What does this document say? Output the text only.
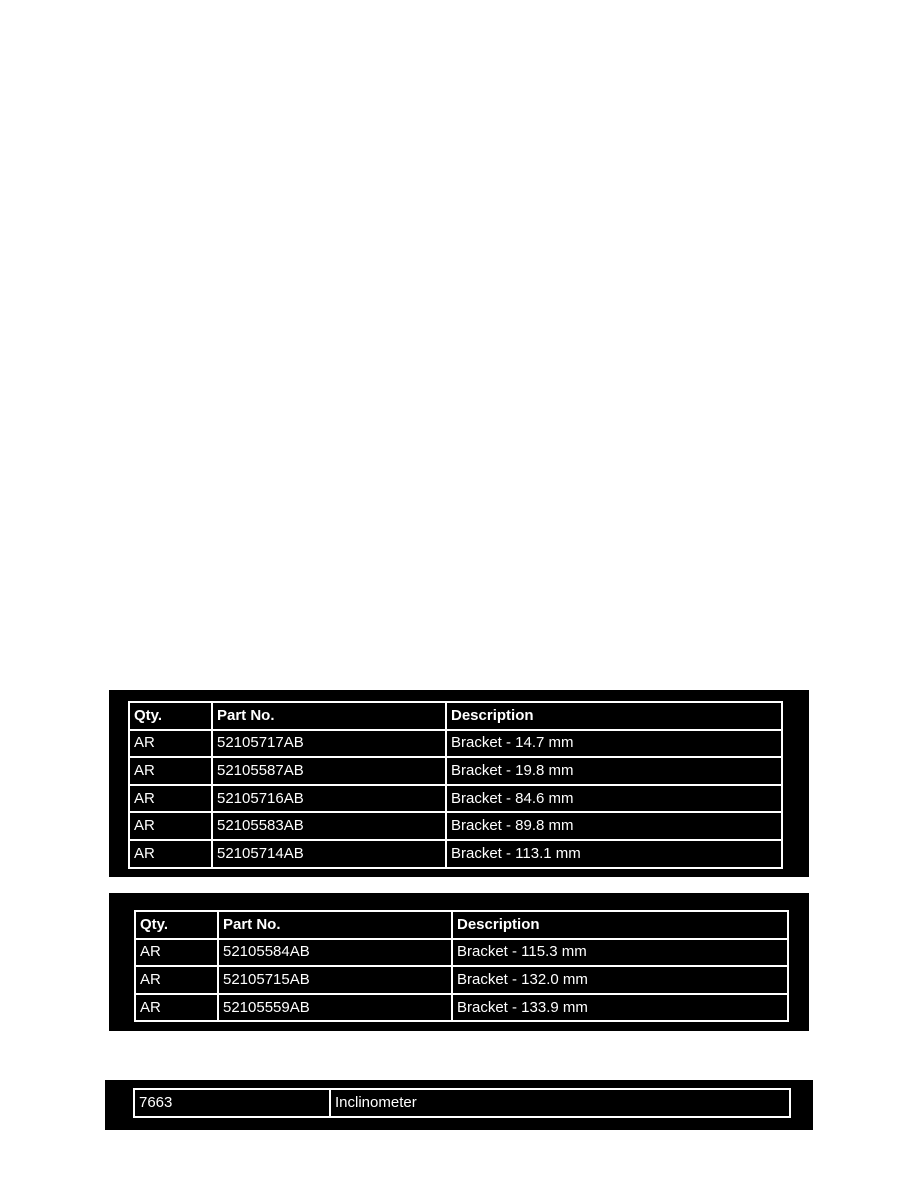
Qty.	Part No.	Description
AR	52105717AB	Bracket - 14.7 mm
AR	52105587AB	Bracket - 19.8 mm
AR	52105716AB	Bracket - 84.6 mm
AR	52105583AB	Bracket - 89.8 mm
AR	52105714AB	Bracket - 113.1 mm
Qty.	Part No.	Description
AR	52105584AB	Bracket - 115.3 mm
AR	52105715AB	Bracket - 132.0 mm
AR	52105559AB	Bracket - 133.9 mm
7663	Inclinometer
